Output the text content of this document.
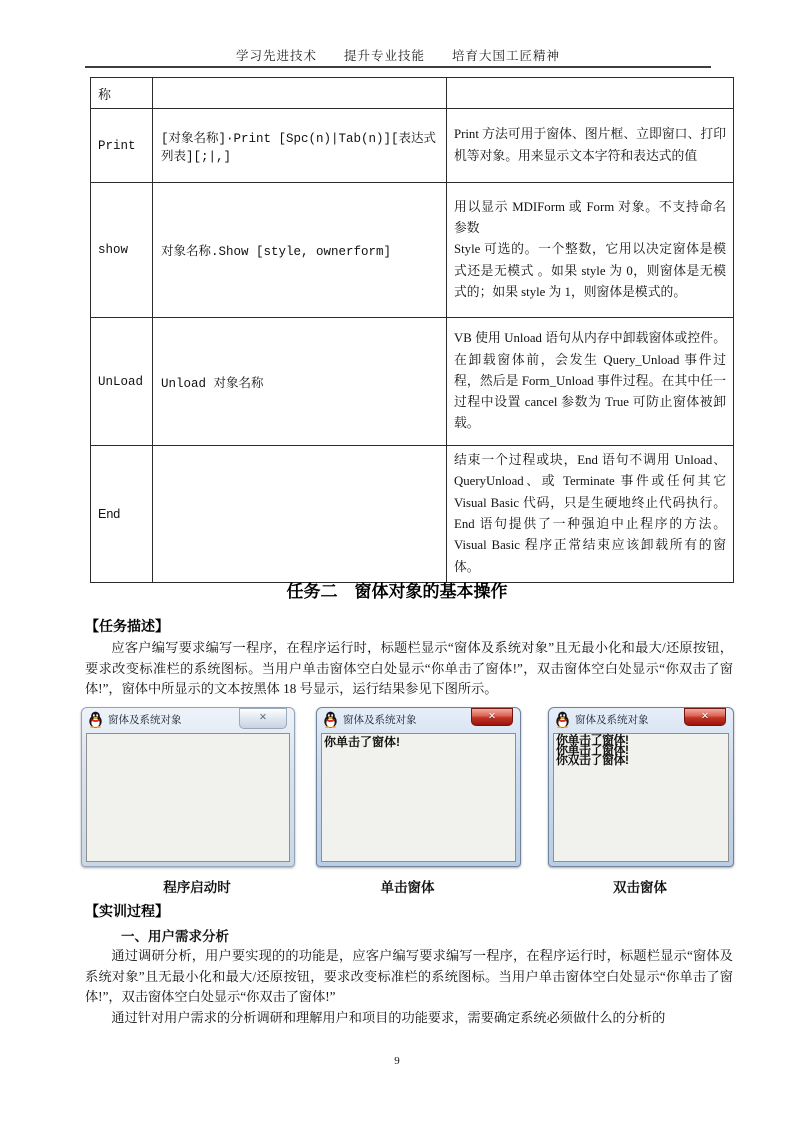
学习先进技术　　提升专业技能　　培育大国工匠精神
称		
Print	[对象名称]·Print [Spc(n)|Tab(n)][表达式列表][;|,]	Print 方法可用于窗体、图片框、立即窗口、打印机等对象。用来显示文本字符和表达式的值

show	对象名称.Show [style, ownerform]	用以显示 MDIForm 或 Form 对象。不支持命名参数

Style 可选的。一个整数，它用以决定窗体是模式还是无模式 。如果 style 为 0，则窗体是无模式的；如果 style 为 1，则窗体是模式的。

UnLoad	Unload 对象名称	VB 使用 Unload 语句从内存中卸载窗体或控件。在卸载窗体前，会发生 Query_Unload 事件过程，然后是 Form_Unload 事件过程。在其中任一过程中设置 cancel 参数为 True 可防止窗体被卸载。

End		结束一个过程或块，End 语句不调用 Unload、QueryUnload、或 Terminate 事件或任何其它 Visual Basic 代码，只是生硬地终止代码执行。End 语句提供了一种强迫中止程序的方法。Visual Basic 程序正常结束应该卸载所有的窗体。

任务二　窗体对象的基本操作
【任务描述】

应客户编写要求编写一程序，在程序运行时，标题栏显示“窗体及系统对象”且无最小化和最大/还原按钮，要求改变标准栏的系统图标。当用户单击窗体空白处显示“你单击了窗体!”，双击窗体空白处显示“你双击了窗体!”，窗体中所显示的文本按黑体 18 号显示，运行结果参见下图所示。

窗体及系统对象	✕	窗体及系统对象	✕
你单击了窗体!
窗体及系统对象	✕
你单击了窗体!
你单击了窗体!
你双击了窗体!
程序启动时	单击窗体	双击窗体
【实训过程】
一、用户需求分析

通过调研分析，用户要实现的的功能是，应客户编写要求编写一程序，在程序运行时，标题栏显示“窗体及系统对象”且无最小化和最大/还原按钮，要求改变标准栏的系统图标。当用户单击窗体空白处显示“你单击了窗体!”，双击窗体空白处显示“你双击了窗体!”

通过针对用户需求的分析调研和理解用户和项目的功能要求，需要确定系统必须做什么的分析的

9
